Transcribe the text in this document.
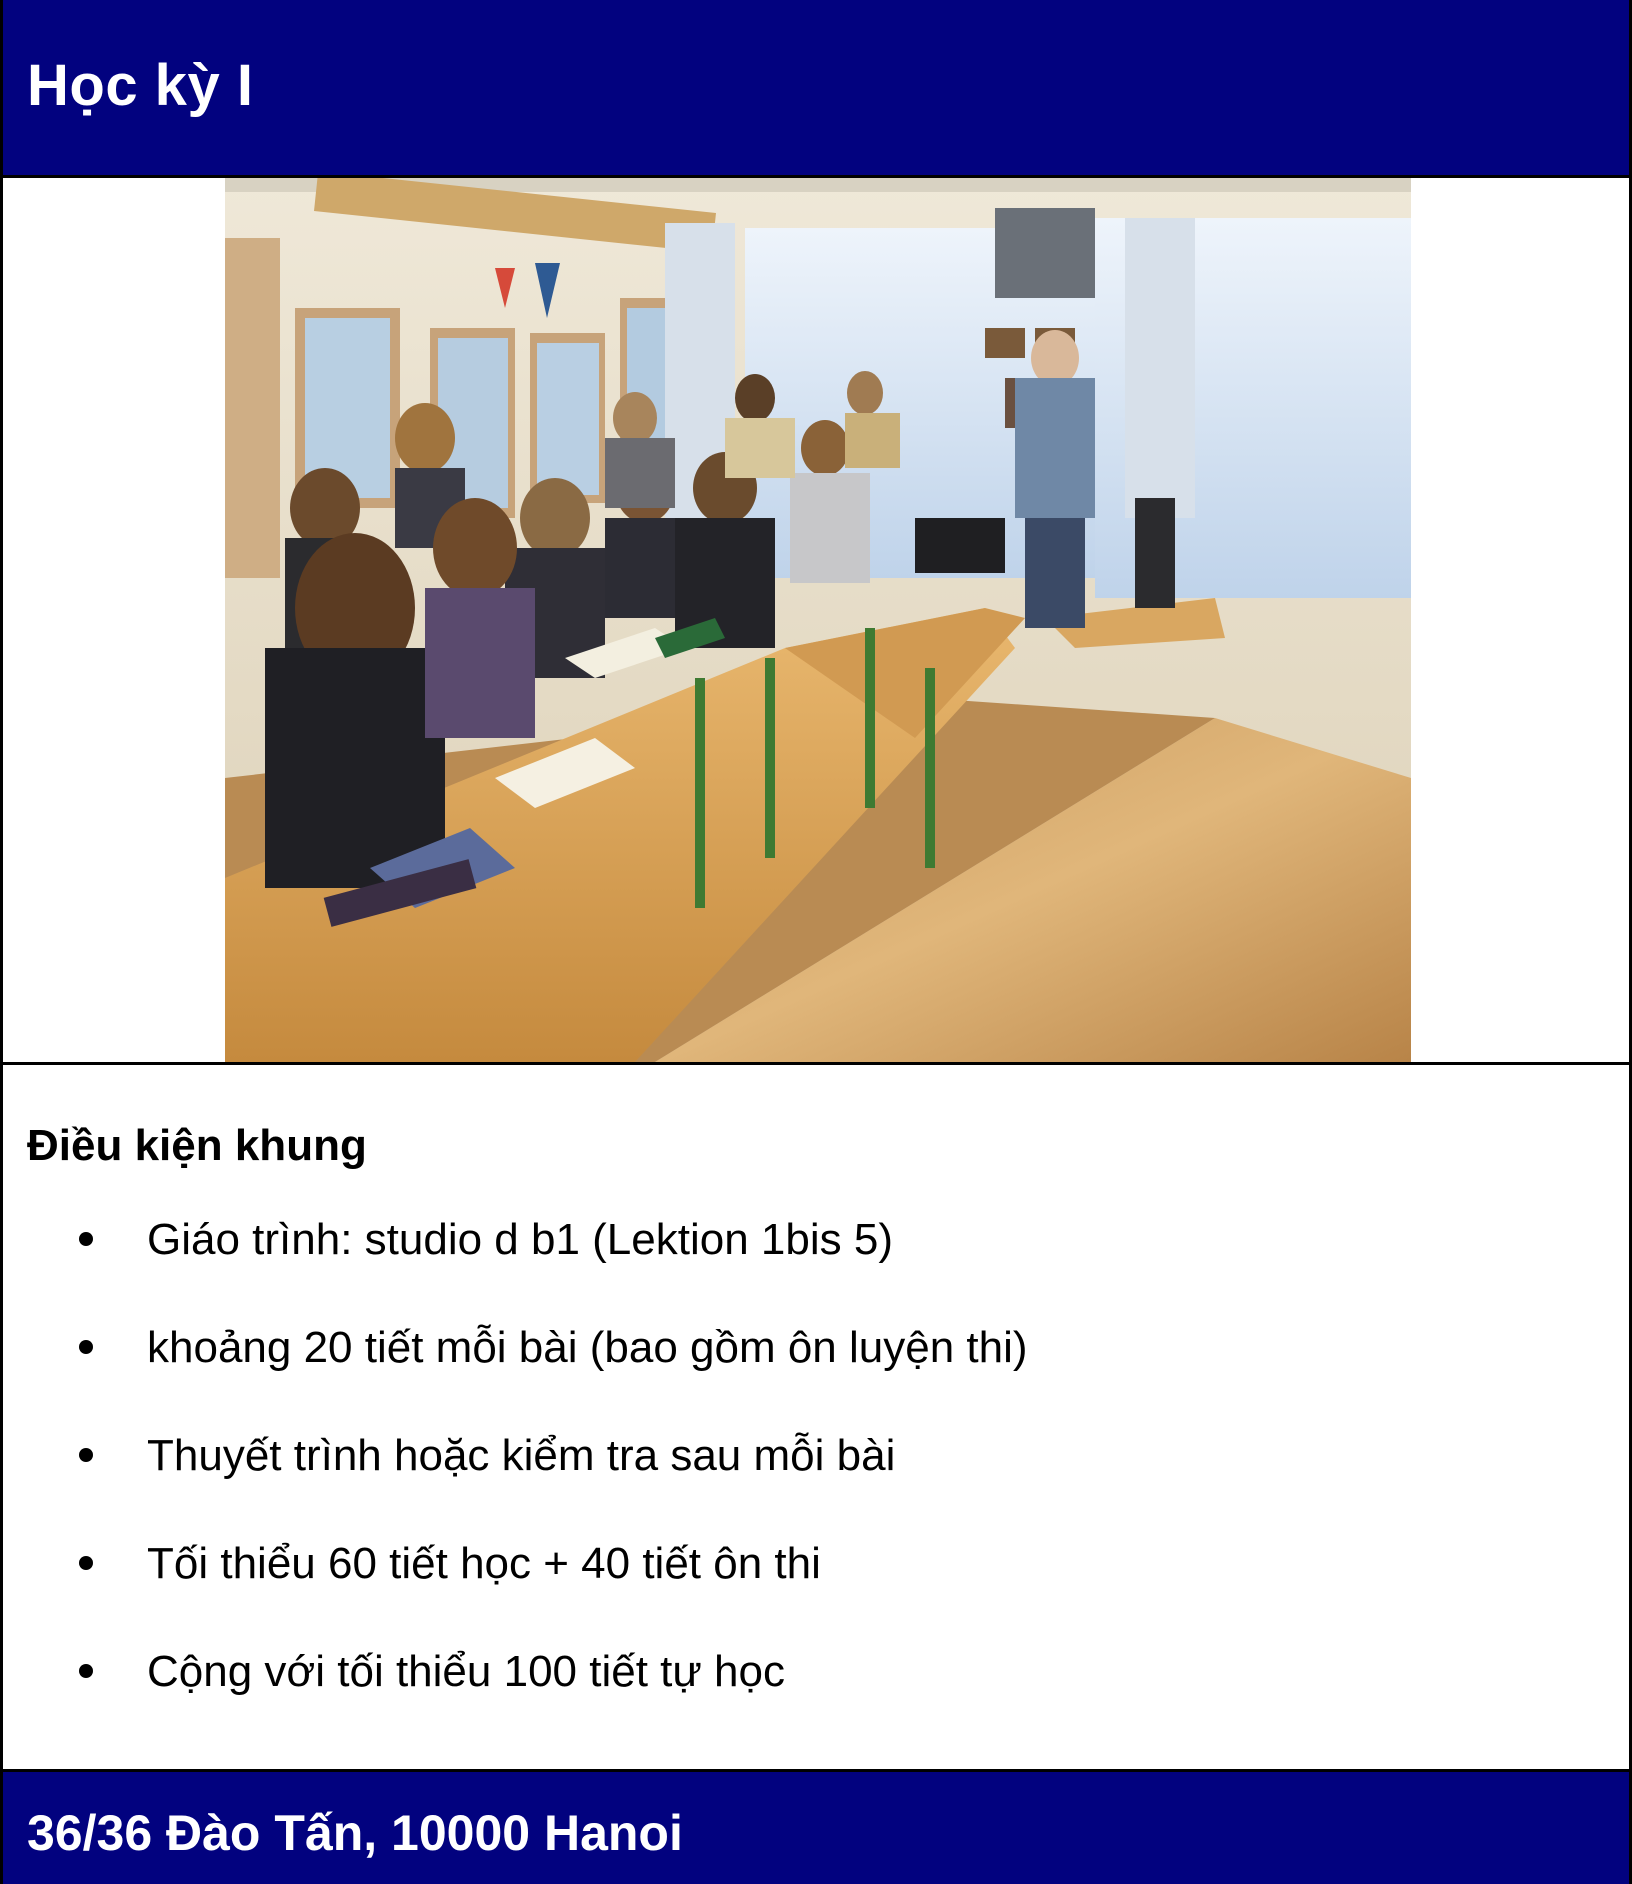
Học kỳ I
Điều kiện khung
Giáo trình: studio d b1 (Lektion 1bis 5)
khoảng 20 tiết mỗi bài (bao gồm ôn luyện thi)
Thuyết trình hoặc kiểm tra sau mỗi bài
Tối thiểu 60 tiết học + 40 tiết ôn thi
Cộng với tối thiểu 100 tiết tự học

36/36 Đào Tấn, 10000 Hanoi
